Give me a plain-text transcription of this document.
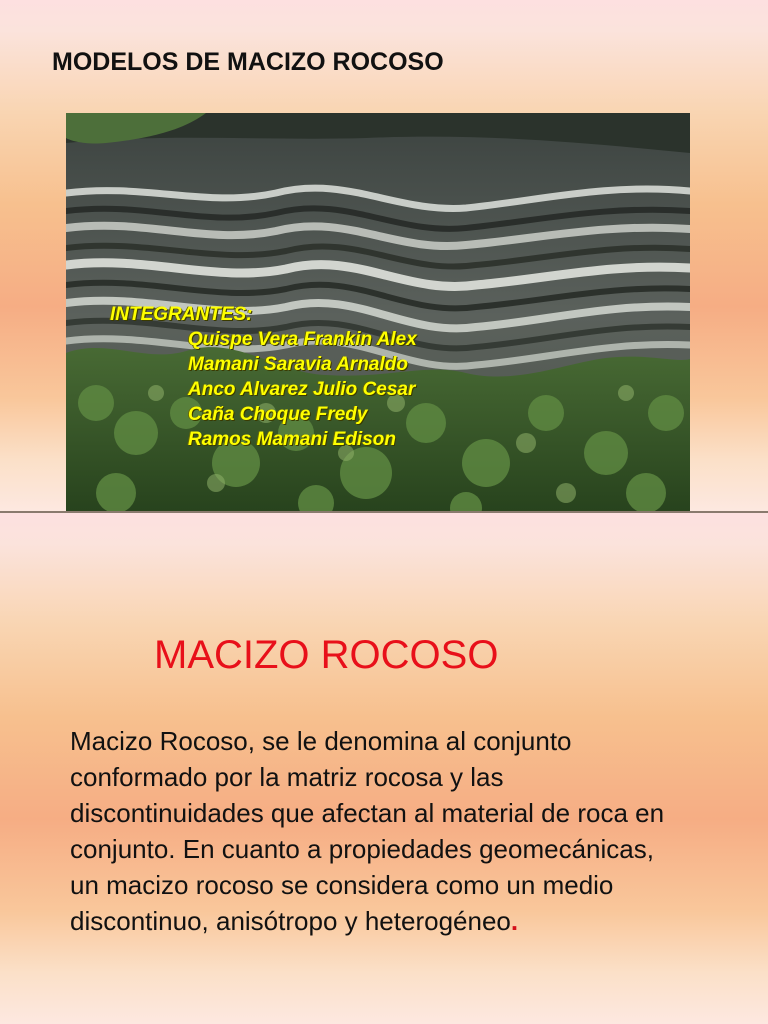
MODELOS DE MACIZO ROCOSO
INTEGRANTES:
Quispe Vera Frankin Alex
Mamani Saravia Arnaldo
Anco Alvarez Julio Cesar
Caña Choque Fredy
Ramos Mamani Edison
MACIZO ROCOSO
Macizo Rocoso, se le denomina al conjunto conformado por la matriz rocosa y las discontinuidades que afectan al material de roca en conjunto. En cuanto a propiedades geomecánicas, un macizo rocoso se considera como un medio discontinuo, anisótropo y heterogéneo.
